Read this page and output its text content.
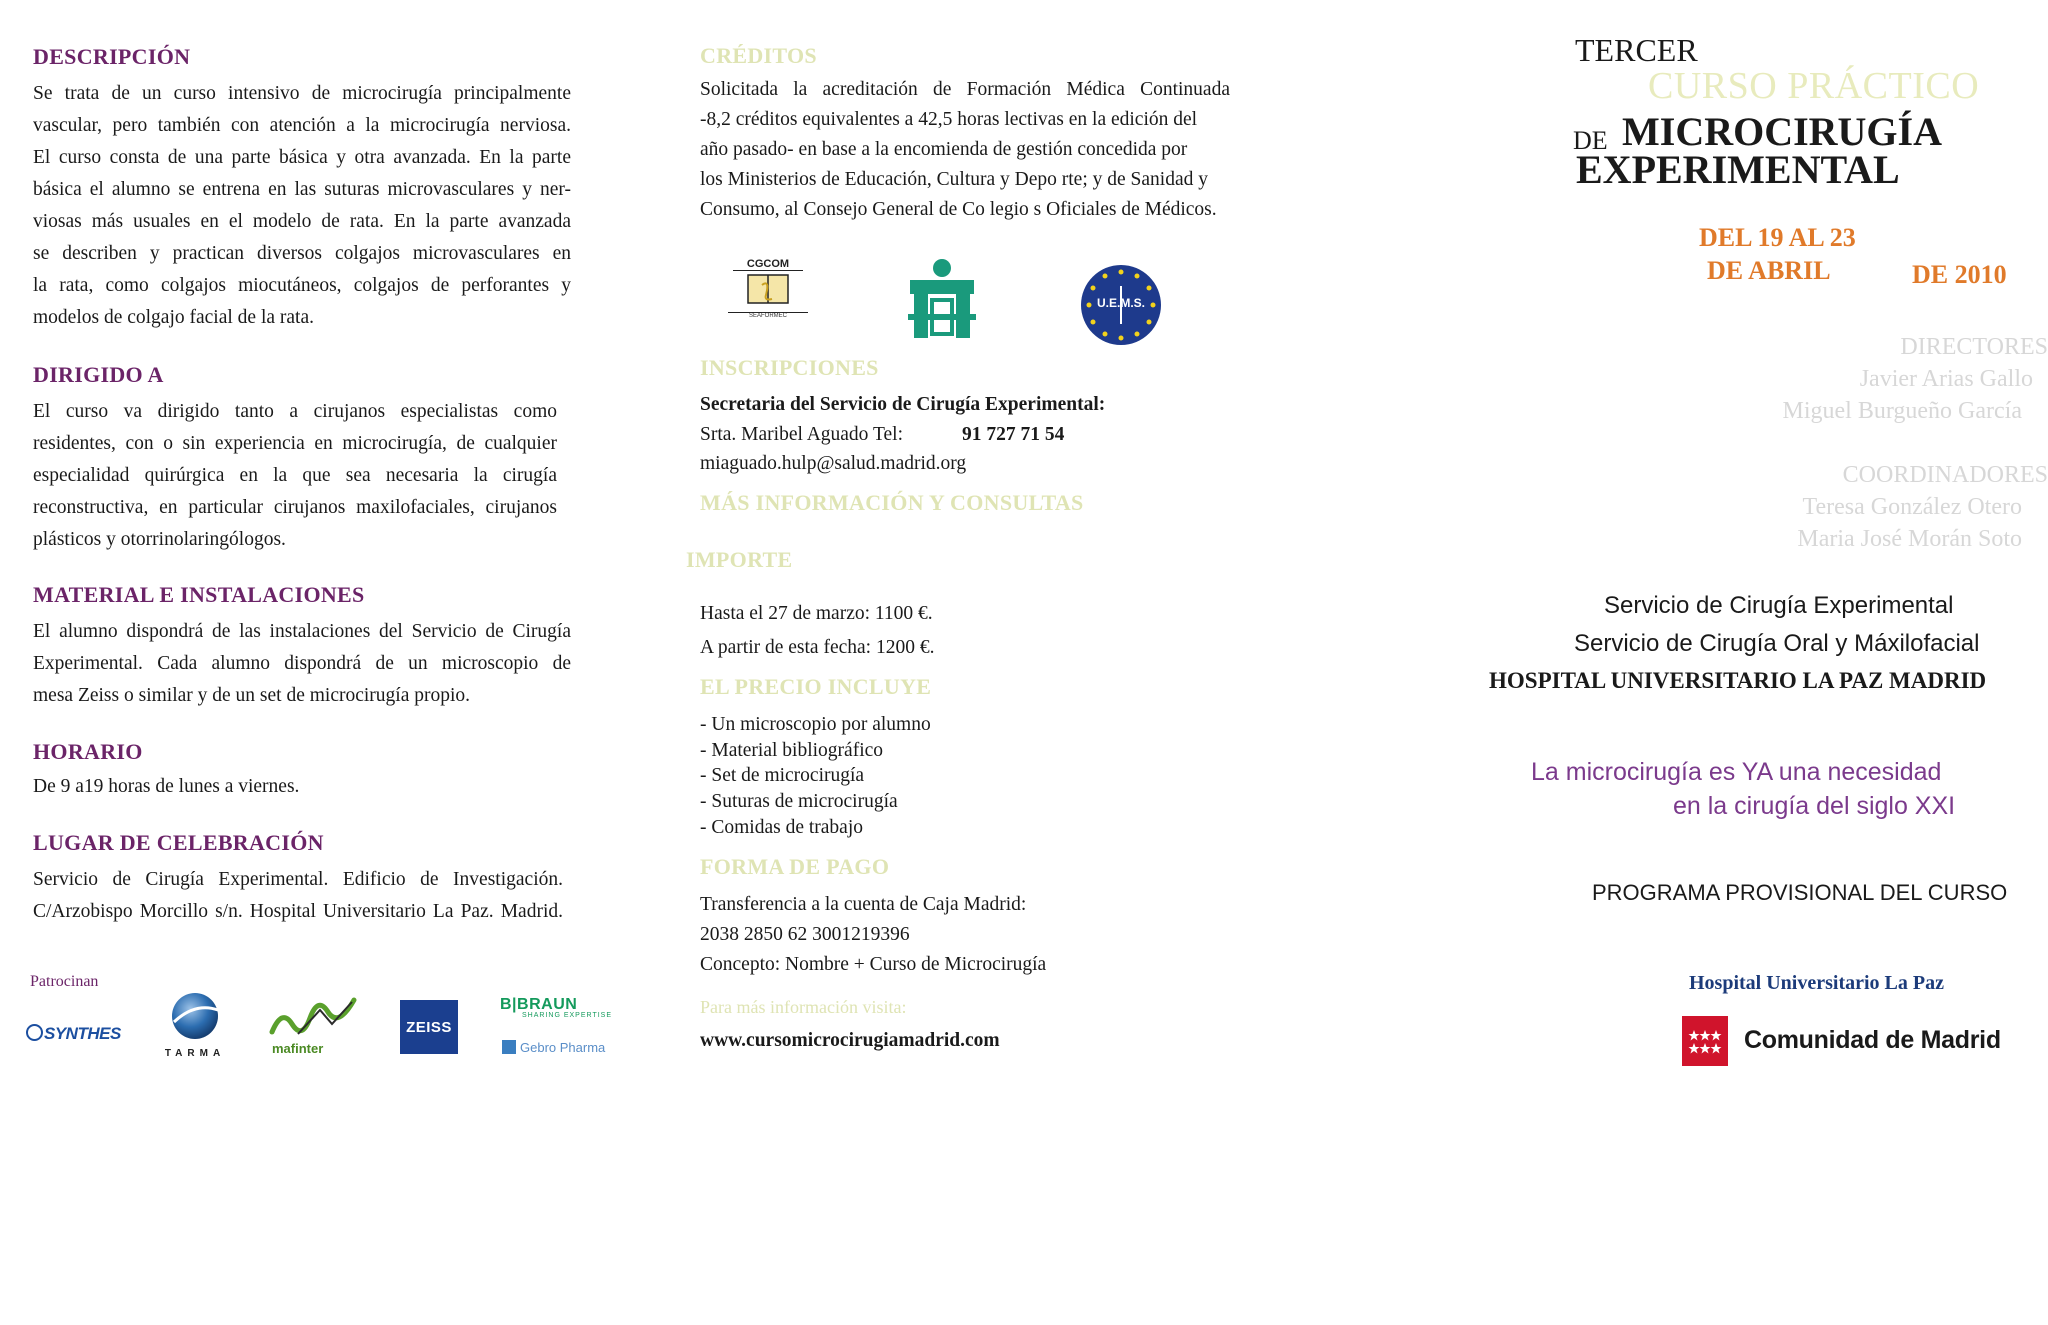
DESCRIPCIÓN
Se trata de un curso intensivo de microcirugía principalmente
vascular, pero también con atención a la microcirugía nerviosa.
El curso consta de una parte básica y otra avanzada. En la parte
básica el alumno se entrena en las suturas microvasculares y ner-
viosas más usuales en el modelo de rata. En la parte avanzada
se describen y practican diversos colgajos microvasculares en
la rata, como colgajos miocutáneos, colgajos de perforantes y
modelos de colgajo facial de la rata.
DIRIGIDO A
El curso va dirigido tanto a cirujanos especialistas como
residentes, con o sin experiencia en microcirugía, de cualquier
especialidad quirúrgica en la que sea necesaria la cirugía
reconstructiva, en particular cirujanos maxilofaciales, cirujanos
plásticos y otorrinolaringólogos.
MATERIAL E INSTALACIONES
El alumno dispondrá de las instalaciones del Servicio de Cirugía
Experimental. Cada alumno dispondrá de un microscopio de
mesa Zeiss o similar y de un set de microcirugía propio.
HORARIO
De 9 a19 horas de lunes a viernes.
LUGAR DE CELEBRACIÓN
Servicio de Cirugía Experimental. Edificio de Investigación.
C/Arzobispo Morcillo s/n. Hospital Universitario La Paz. Madrid.
Patrocinan
SYNTHES
TARMA	mafinter
ZEISS
B|BRAUN
SHARING EXPERTISE
Gebro Pharma
CRÉDITOS
Solicitada la acreditación de Formación Médica Continuada
-8,2 créditos equivalentes a 42,5 horas lectivas en la edición del
año pasado- en base a la encomienda de gestión concedida por
los Ministerios de Educación, Cultura y Depo rte; y de Sanidad y
Consumo, al Consejo General de Co legio s Oficiales de Médicos.
CGCOM
SEAFORMEC
U.E.M.S.
INSCRIPCIONES
Secretaria del Servicio de Cirugía Experimental:
Srta. Maribel Aguado Tel:	91 727 71 54
miaguado.hulp@salud.madrid.org
MÁS INFORMACIÓN Y CONSULTAS
IMPORTE
Hasta el 27 de marzo: 1100 €.
A partir de esta fecha: 1200 €.
EL PRECIO INCLUYE
- Un microscopio por alumno
- Material bibliográfico
- Set de microcirugía
- Suturas de microcirugía
- Comidas de trabajo
FORMA DE PAGO
Transferencia a la cuenta de Caja Madrid:
2038 2850 62 3001219396
Concepto: Nombre + Curso de Microcirugía
Para más información visita:
www.cursomicrocirugiamadrid.com
TERCER
CURSO PRÁCTICO
DE MICROCIRUGÍA
EXPERIMENTAL
DEL 19 AL 23
DE ABRIL	DE 2010
DIRECTORES
Javier Arias Gallo
Miguel Burgueño García
COORDINADORES
Teresa González Otero
Maria José Morán Soto
Servicio de Cirugía Experimental
Servicio de Cirugía Oral y Máxilofacial
HOSPITAL UNIVERSITARIO LA PAZ MADRID
La microcirugía es YA una necesidad
en la cirugía del siglo XXI
PROGRAMA PROVISIONAL DEL CURSO
Hospital Universitario La Paz
Comunidad de Madrid
